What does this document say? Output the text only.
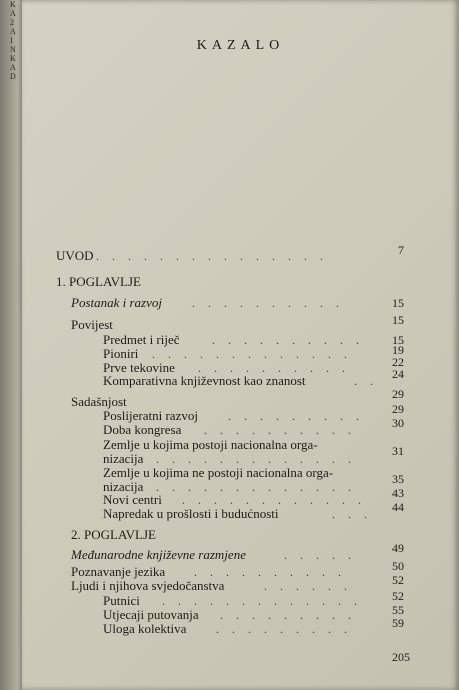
K
A
2
A
I
N
K
A
D
KAZALO
UVOD . . . . . . . . . . . . . . .	7
1. POGLAVLJE
Postanak i razvoj	. . . . . . . . . .	15
Povijest	15
Predmet i riječ	. . . . . . . . . .	15
Pioniri . . . . . . . . . . . . .	19
Prve tekovine . . . . . . . . . .	22
Komparativna književnost kao znanost	. .	24
Sadašnjost	29
Poslijeratni razvoj	. . . . . . . . .	29
Doba kongresa . . . . . . . . . .	30
Zemlje u kojima postoji nacionalna orga-
nizacija . . . . . . . . . . . . .
31
Zemlje u kojima ne postoji nacionalna orga-
nizacija . . . . . . . . . . . . .
35
Novi centri . . . . . . . . . . . .	43
Napredak u prošlosti i budućnosti	. . .	44
2. POGLAVLJE
Međunarodne književne razmjene	. . . . .	49
Poznavanje jezika . . . . . . . . . .	50
Ljudi i njihova svjedočanstva	. . . . . .	52
Putnici . . . . . . . . . . . . .	52
Utjecaji putovanja . . . . . . . . .	55
Uloga kolektiva . . . . . . . . .	59
205
